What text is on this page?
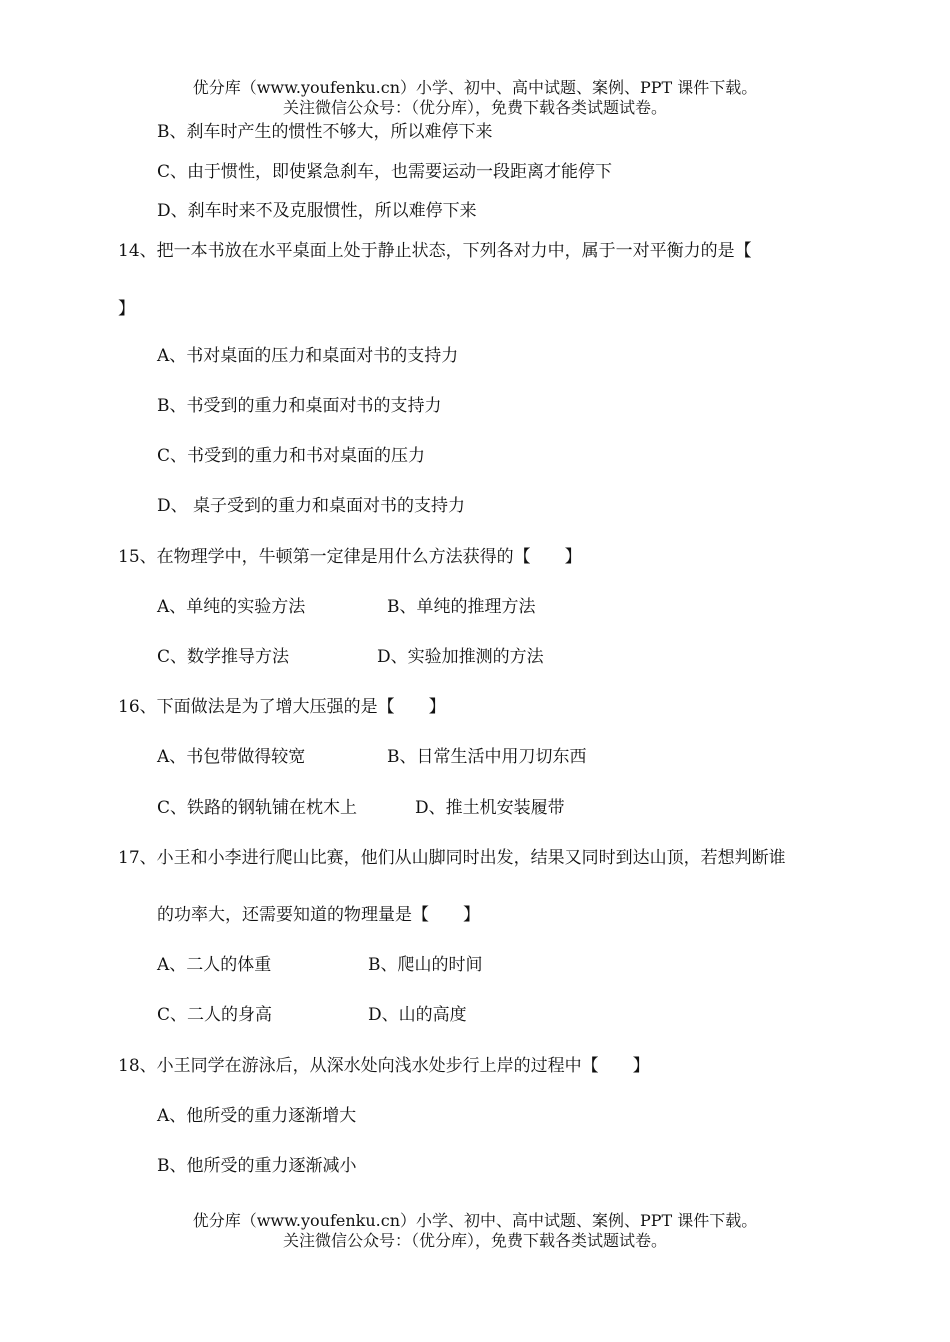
优分库（www.youfenku.cn）小学、初中、高中试题、案例、PPT 课件下载。
关注微信公众号：（优分库），免费下载各类试题试卷。
B、刹车时产生的惯性不够大，所以难停下来
C、由于惯性，即使紧急刹车，也需要运动一段距离才能停下
D、刹车时来不及克服惯性，所以难停下来
14、把一本书放在水平桌面上处于静止状态，下列各对力中，属于一对平衡力的是【
】
A、书对桌面的压力和桌面对书的支持力
B、书受到的重力和桌面对书的支持力
C、书受到的重力和书对桌面的压力
D、 桌子受到的重力和桌面对书的支持力
15、在物理学中，牛顿第一定律是用什么方法获得的【　　】
A、单纯的实验方法	B、单纯的推理方法
C、数学推导方法	D、实验加推测的方法
16、下面做法是为了增大压强的是【　　】
A、书包带做得较宽	B、日常生活中用刀切东西
C、铁路的钢轨铺在枕木上	D、推土机安装履带
17、小王和小李进行爬山比赛，他们从山脚同时出发，结果又同时到达山顶，若想判断谁
的功率大，还需要知道的物理量是【　　】
A、二人的体重	B、爬山的时间
C、二人的身高	D、山的高度
18、小王同学在游泳后，从深水处向浅水处步行上岸的过程中【　　】
A、他所受的重力逐渐增大
B、他所受的重力逐渐减小
优分库（www.youfenku.cn）小学、初中、高中试题、案例、PPT 课件下载。
关注微信公众号：（优分库），免费下载各类试题试卷。
